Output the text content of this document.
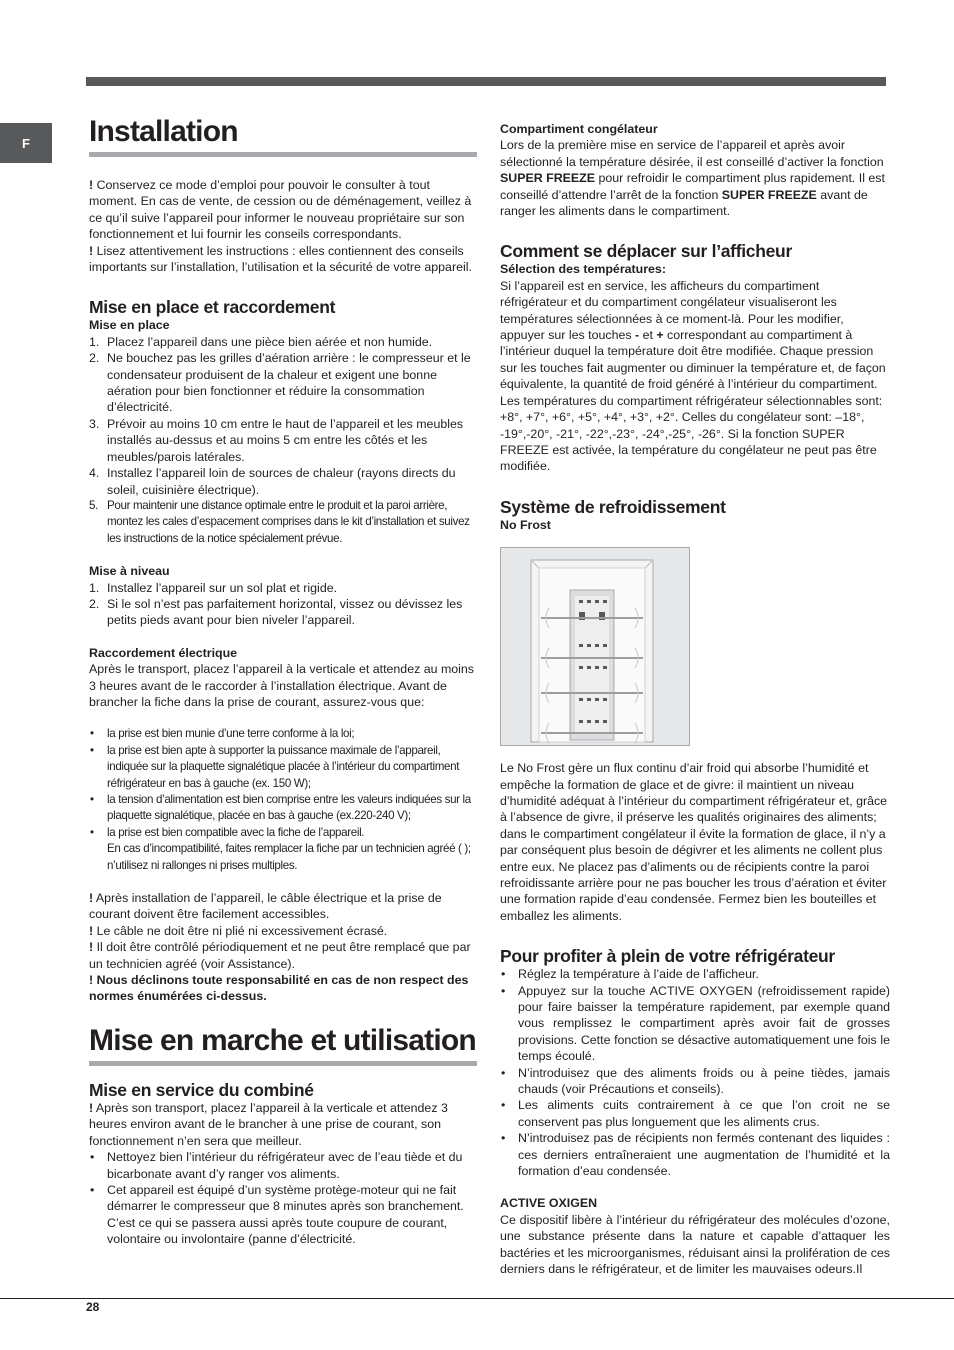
F Installation

! Conservez ce mode d’emploi pour pouvoir le consulter à tout moment. En cas de vente, de cession ou de déménagement, veillez à ce qu’il suive l’appareil pour informer le nouveau propriétaire sur son fonctionnement et lui fournir les conseils correspondants.

! Lisez attentivement les instructions : elles contiennent des conseils importants sur l’installation, l’utilisation et la sécurité de votre appareil.

Mise en place et raccordement
Mise en place
1. Placez l’appareil dans une pièce bien aérée et non humide.
2. Ne bouchez pas les grilles d’aération arrière : le compresseur et le condensateur produisent de la chaleur et exigent une bonne aération pour bien fonctionner et réduire la consommation d’électricité.
3. Prévoir au moins 10 cm entre le haut de l’appareil et les meubles installés au-dessus et au moins 5 cm entre les côtés et les meubles/parois latérales.
4. Installez l’appareil loin de sources de chaleur (rayons directs du soleil, cuisinière électrique).
5. Pour maintenir une distance optimale entre le produit et la paroi arrière, montez les cales d’espacement comprises dans le kit d’installation et suivez les instructions de la notice spécialement prévue.
Mise à niveau
1. Installez l’appareil sur un sol plat et rigide.
2. Si le sol n’est pas parfaitement horizontal, vissez ou dévissez les petits pieds avant pour bien niveler l’appareil.
Raccordement électrique

Après le transport, placez l’appareil à la verticale et attendez au moins 3 heures avant de le raccorder à l’installation électrique. Avant de brancher la fiche dans la prise de courant, assurez-vous que:

• la prise est bien munie d’une terre conforme à la loi;
• la prise est bien apte à supporter la puissance maximale de l’appareil, indiquée sur la plaquette signalétique placée à l’intérieur du compartiment réfrigérateur en bas à gauche (ex. 150 W);
• la tension d’alimentation est bien comprise entre les valeurs indiquées sur la plaquette signalétique, placée en bas à gauche (ex.220-240 V);
• la prise est bien compatible avec la fiche de l’appareil.

En cas d’incompatibilité, faites remplacer la fiche par un technicien agréé ( ); n’utilisez ni rallonges ni prises multiples.

! Après installation de l’appareil, le câble électrique et la prise de courant doivent être facilement accessibles.

! Le câble ne doit être ni plié ni excessivement écrasé.

! Il doit être contrôlé périodiquement et ne peut être remplacé que par un technicien agréé (voir Assistance).

! Nous déclinons toute responsabilité en cas de non respect des normes énumérées ci-dessus.

Mise en marche et utilisation
Mise en service du combiné

! Après son transport, placez l’appareil à la verticale et attendez 3 heures environ avant de le brancher à une prise de courant, son fonctionnement n’en sera que meilleur.

• Nettoyez bien l’intérieur du réfrigérateur avec de l’eau tiède et du bicarbonate avant d’y ranger vos aliments.
• Cet appareil est équipé d’un système protège-moteur qui ne fait démarrer le compresseur que 8 minutes après son branchement. C’est ce qui se passera aussi après toute coupure de courant, volontaire ou involontaire (panne d’électricité.
Compartiment congélateur

Lors de la première mise en service de l’appareil et après avoir sélectionné la température désirée, il est conseillé d’activer la fonction SUPER FREEZE pour refroidir le compartiment plus rapidement. Il est conseillé d’attendre l’arrêt de la fonction SUPER FREEZE avant de ranger les aliments dans le compartiment.

Comment se déplacer sur l’afficheur
Sélection des températures:

Si l’appareil est en service, les afficheurs du compartiment réfrigérateur et du compartiment congélateur visualiseront les températures sélectionnées à ce moment-là. Pour les modifier, appuyer sur les touches - et + correspondant au compartiment à l’intérieur duquel la température doit être modifiée. Chaque pression sur les touches fait augmenter ou diminuer la température et, de façon équivalente, la quantité de froid généré à l’intérieur du compartiment. Les températures du compartiment réfrigérateur sélectionnables sont: +8°, +7°, +6°, +5°, +4°, +3°, +2°. Celles du congélateur sont: –18°, -19°,-20°, -21°, -22°,-23°, -24°,-25°, -26°. Si la fonction SUPER FREEZE est activée, la température du congélateur ne peut pas être modifiée.

Système de refroidissement
No Frost

Le No Frost gère un flux continu d’air froid qui absorbe l’humidité et empêche la formation de glace et de givre: il maintient un niveau d’humidité adéquat à l’intérieur du compartiment réfrigérateur et, grâce à l’absence de givre, il préserve les qualités originaires des aliments; dans le compartiment congélateur il évite la formation de glace, il n’y a par conséquent plus besoin de dégivrer et les aliments ne collent plus entre eux. Ne placez pas d’aliments ou de récipients contre la paroi refroidissante arrière pour ne pas boucher les trous d’aération et éviter une formation rapide d’eau condensée. Fermez bien les bouteilles et emballez les aliments.

Pour profiter à plein de votre réfrigérateur
• Réglez la température à l’aide de l’afficheur.
• Appuyez sur la touche ACTIVE OXYGEN (refroidissement rapide) pour faire baisser la température rapidement, par exemple quand vous remplissez le compartiment après avoir fait de grosses provisions. Cette fonction se désactive automatiquement une fois le temps écoulé.
• N’introduisez que des aliments froids ou à peine tièdes, jamais chauds (voir Précautions et conseils).
• Les aliments cuits contrairement à ce que l’on croit ne se conservent pas plus longuement que les aliments crus.
• N’introduisez pas de récipients non fermés contenant des liquides : ces derniers entraîneraient une augmentation de l’humidité et la formation d’eau condensée.
ACTIVE OXIGEN

Ce dispositif libère à l’intérieur du réfrigérateur des molécules d’ozone, une substance présente dans la nature et capable d’attaquer les bactéries et les microorganismes, réduisant ainsi la prolifération de ces derniers dans le réfrigérateur, et de limiter les mauvaises odeurs.Il

28
